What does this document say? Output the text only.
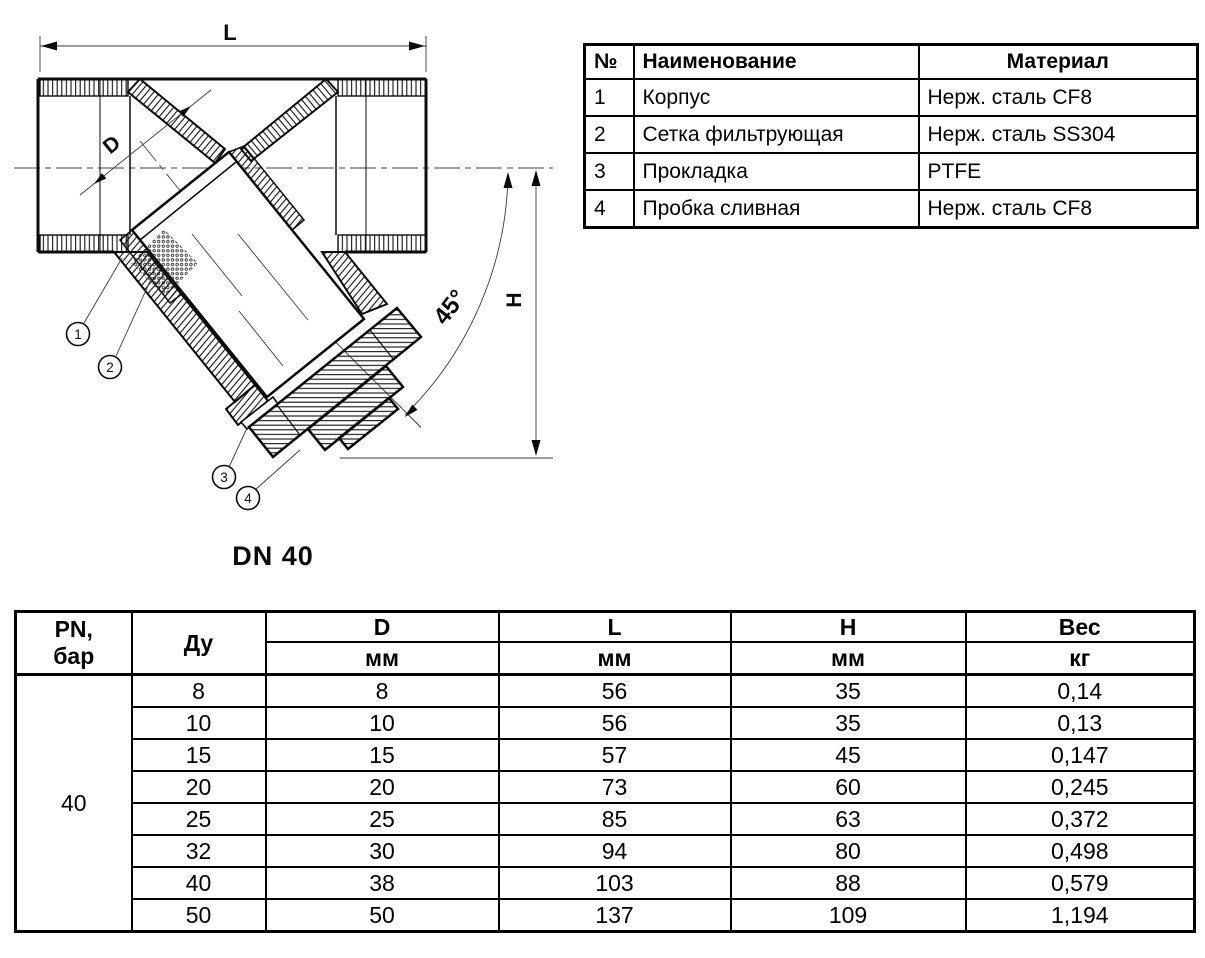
L
D
H
45°
1
2
3
4
DN 40
№	Наименование	Материал
1	Корпус	Нерж. сталь CF8
2	Сетка фильтрующая	Нерж. сталь SS304
3	Прокладка	PTFE
4	Пробка сливная	Нерж. сталь CF8
PN,
бар	Ду	D	L	H	Вес
		мм	мм	мм	кг
40	8	8	56	35	0,14
	10	10	56	35	0,13
	15	15	57	45	0,147
	20	20	73	60	0,245
	25	25	85	63	0,372
	32	30	94	80	0,498
	40	38	103	88	0,579
	50	50	137	109	1,194
